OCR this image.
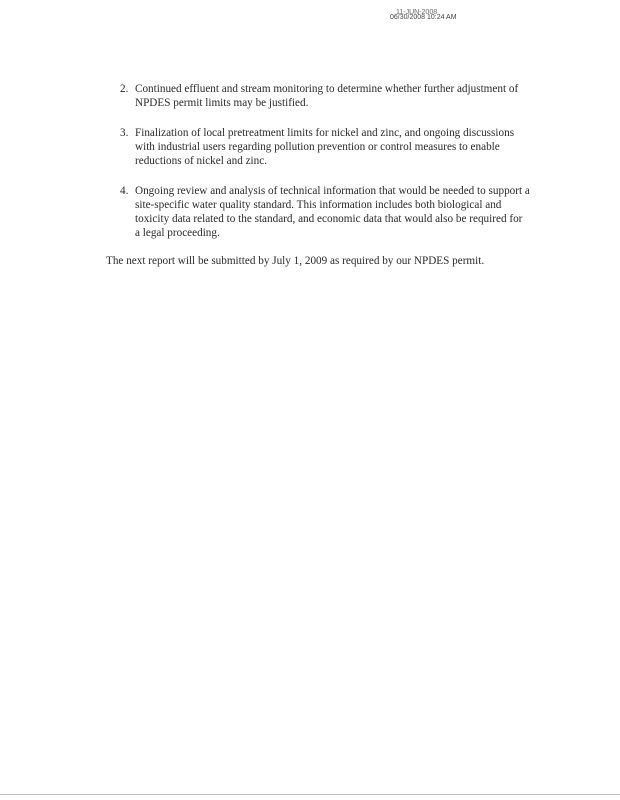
11-JUN-2008
06/30/2008 10:24 AM
2. Continued effluent and stream monitoring to determine whether further adjustment of NPDES permit limits may be justified.
3. Finalization of local pretreatment limits for nickel and zinc, and ongoing discussions with industrial users regarding pollution prevention or control measures to enable reductions of nickel and zinc.
4. Ongoing review and analysis of technical information that would be needed to support a site-specific water quality standard. This information includes both biological and toxicity data related to the standard, and economic data that would also be required for a legal proceeding.

The next report will be submitted by July 1, 2009 as required by our NPDES permit.
